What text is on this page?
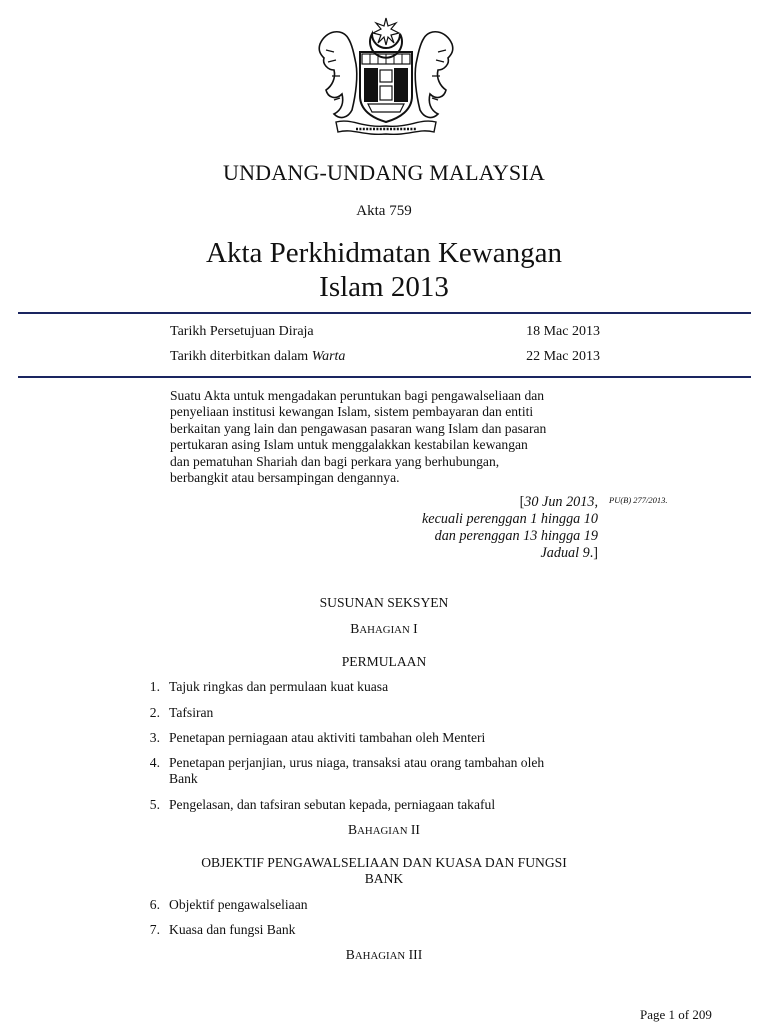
UNDANG-UNDANG MALAYSIA
Akta 759
Akta Perkhidmatan Kewangan
Islam 2013
Tarikh Persetujuan Diraja	18 Mac 2013
Tarikh diterbitkan dalam Warta	22 Mac 2013
Suatu Akta untuk mengadakan peruntukan bagi pengawalseliaan dan
penyeliaan institusi kewangan Islam, sistem pembayaran dan entiti
berkaitan yang lain dan pengawasan pasaran wang Islam dan pasaran
pertukaran asing Islam untuk menggalakkan kestabilan kewangan
dan pematuhan Shariah dan bagi perkara yang berhubungan,
berbangkit atau bersampingan dengannya.
[30 Jun 2013,
kecuali perenggan 1 hingga 10
dan perenggan 13 hingga 19
Jadual 9.]
PU(B) 277/2013.
SUSUNAN SEKSYEN
BAHAGIAN I
PERMULAAN
1. Tajuk ringkas dan permulaan kuat kuasa
2. Tafsiran
3. Penetapan perniagaan atau aktiviti tambahan oleh Menteri
4. Penetapan perjanjian, urus niaga, transaksi atau orang tambahan oleh
Bank
5. Pengelasan, dan tafsiran sebutan kepada, perniagaan takaful
BAHAGIAN II
OBJEKTIF PENGAWALSELIAAN DAN KUASA DAN FUNGSI
BANK
6. Objektif pengawalseliaan
7. Kuasa dan fungsi Bank
BAHAGIAN III
Page 1 of 209
